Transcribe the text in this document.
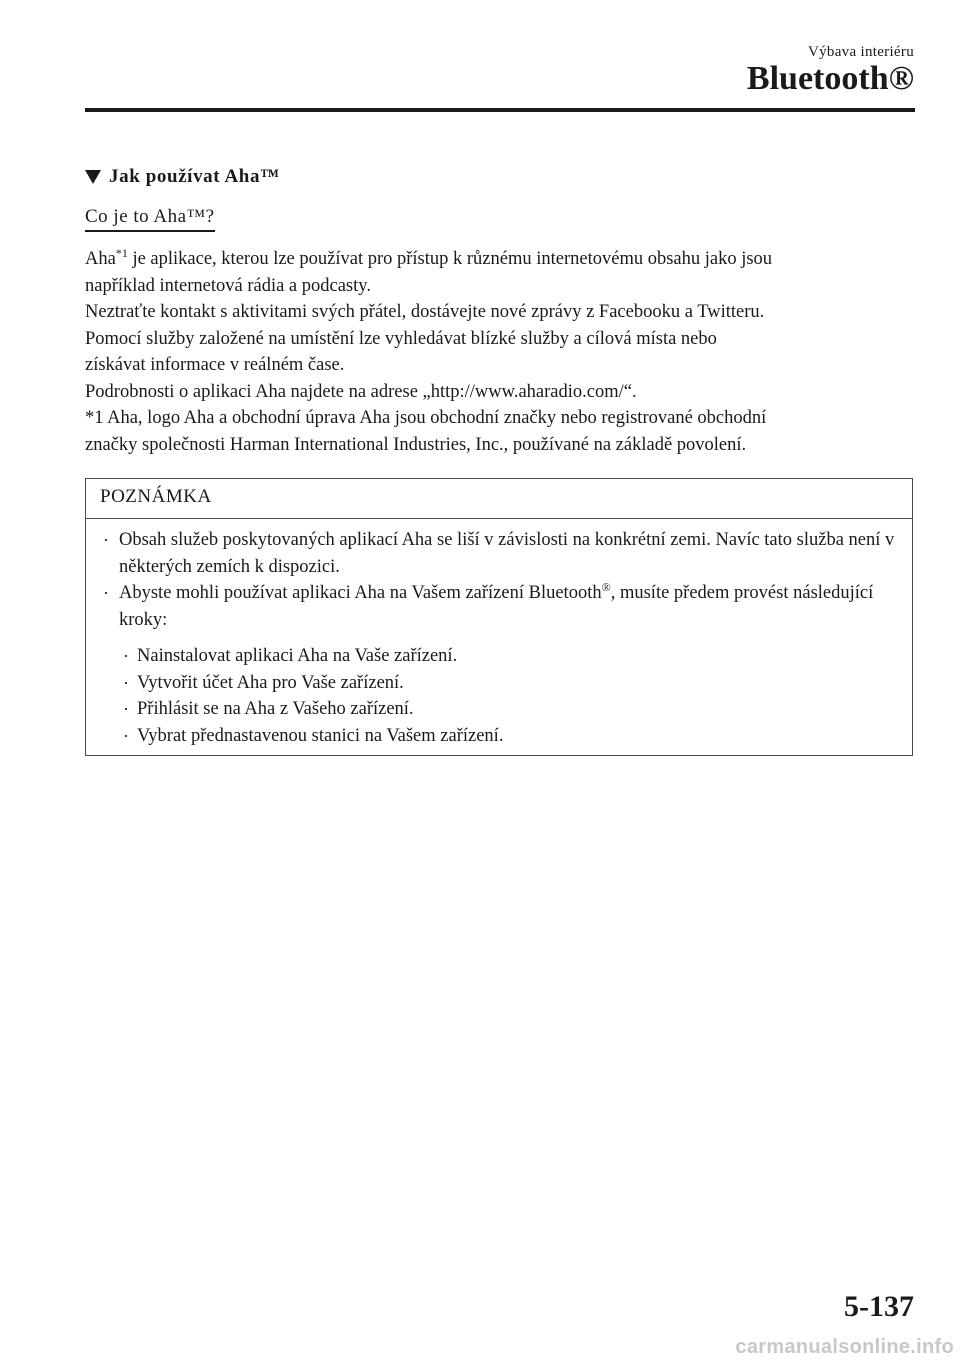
Výbava interiéru
Bluetooth®
Jak používat Aha™
Co je to Aha™?

Aha$^{*1}$ je aplikace, kterou lze používat pro přístup k různému internetovému obsahu jako jsou

například internetová rádia a podcasty.

Neztraťte kontakt s aktivitami svých přátel, dostávejte nové zprávy z Facebooku a Twitteru.

Pomocí služby založené na umístění lze vyhledávat blízké služby a cílová místa nebo

získávat informace v reálném čase.

Podrobnosti o aplikaci Aha najdete na adrese „http://www.aharadio.com/“.

*1 Aha, logo Aha a obchodní úprava Aha jsou obchodní značky nebo registrované obchodní

značky společnosti Harman International Industries, Inc., používané na základě povolení.

POZNÁMKA
· Obsah služeb poskytovaných aplikací Aha se liší v závislosti na konkrétní zemi. Navíc tato služba není v některých zemích k dispozici.
· Abyste mohli používat aplikaci Aha na Vašem zařízení Bluetooth®, musíte předem provést následující kroky:
· Nainstalovat aplikaci Aha na Vaše zařízení.
· Vytvořit účet Aha pro Vaše zařízení.
· Přihlásit se na Aha z Vašeho zařízení.
· Vybrat přednastavenou stanici na Vašem zařízení.
5-137
carmanualsonline.info
